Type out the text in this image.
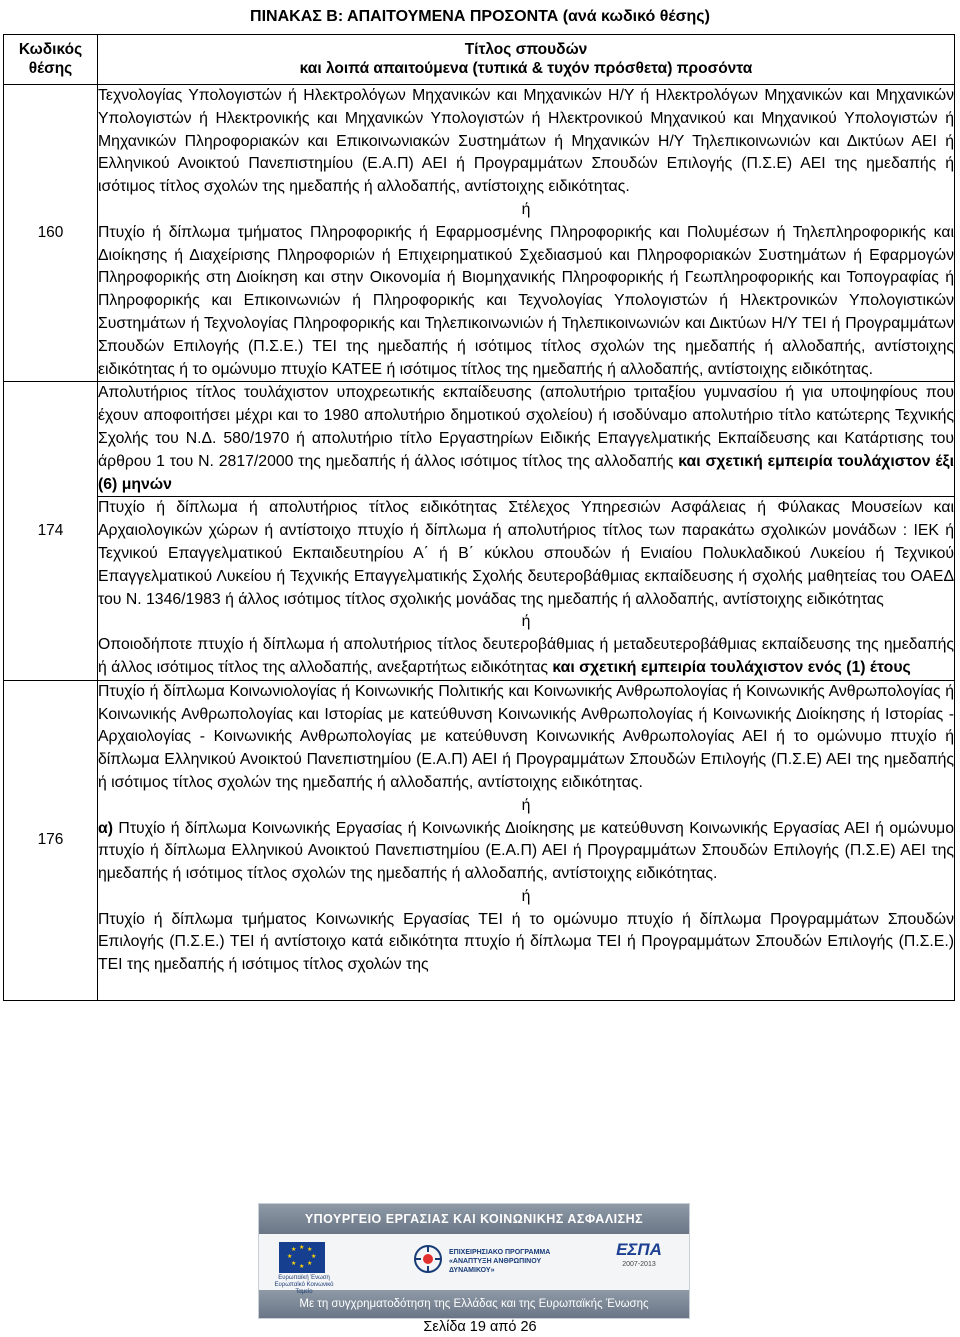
ΠΙΝΑΚΑΣ Β: ΑΠΑΙΤΟΥΜΕΝΑ ΠΡΟΣΟΝΤΑ (ανά κωδικό θέσης)
Κωδικός θέσης	Τίτλος σπουδών
και λοιπά απαιτούμενα (τυπικά & τυχόν πρόσθετα) προσόντα

160	Τεχνολογίας Υπολογιστών ή Ηλεκτρολόγων Μηχανικών και Μηχανικών Η/Υ ή Ηλεκτρολόγων Μηχανικών και Μηχανικών Υπολογιστών ή Ηλεκτρονικής και Μηχανικών Υπολογιστών ή Ηλεκτρονικού Μηχανικού και Μηχανικού Υπολογιστών ή Μηχανικών Πληροφοριακών και Επικοινωνιακών Συστημάτων ή Μηχανικών Η/Υ Τηλεπικοινωνιών και Δικτύων ΑΕΙ ή Ελληνικού Ανοικτού Πανεπιστημίου (Ε.Α.Π) ΑΕΙ ή Προγραμμάτων Σπουδών Επιλογής (Π.Σ.Ε) ΑΕΙ της ημεδαπής ή ισότιμος τίτλος σχολών της ημεδαπής ή αλλοδαπής, αντίστοιχης ειδικότητας.

ή

Πτυχίο ή δίπλωμα τμήματος Πληροφορικής ή Εφαρμοσμένης Πληροφορικής και Πολυμέσων ή Τηλεπληροφορικής και Διοίκησης ή Διαχείρισης Πληροφοριών ή Επιχειρηματικού Σχεδιασμού και Πληροφοριακών Συστημάτων ή Εφαρμογών Πληροφορικής στη Διοίκηση και στην Οικονομία ή Βιομηχανικής Πληροφορικής ή Γεωπληροφορικής και Τοπογραφίας ή Πληροφορικής και Επικοινωνιών ή Πληροφορικής και Τεχνολογίας Υπολογιστών ή Ηλεκτρονικών Υπολογιστικών Συστημάτων ή Τεχνολογίας Πληροφορικής και Τηλεπικοινωνιών ή Τηλεπικοινωνιών και Δικτύων Η/Υ ΤΕΙ ή Προγραμμάτων Σπουδών Επιλογής (Π.Σ.Ε.) ΤΕΙ της ημεδαπής ή ισότιμος τίτλος σχολών της ημεδαπής ή αλλοδαπής, αντίστοιχης ειδικότητας ή το ομώνυμο πτυχίο ΚΑΤΕΕ ή ισότιμος τίτλος της ημεδαπής ή αλλοδαπής, αντίστοιχης ειδικότητας.

174	Απολυτήριος τίτλος τουλάχιστον υποχρεωτικής εκπαίδευσης (απολυτήριο τριταξίου γυμνασίου ή για υποψηφίους που έχουν αποφοιτήσει μέχρι και το 1980 απολυτήριο δημοτικού σχολείου) ή ισοδύναμο απολυτήριο τίτλο κατώτερης Τεχνικής Σχολής του Ν.Δ. 580/1970 ή απολυτήριο τίτλο Εργαστηρίων Ειδικής Επαγγελματικής Εκπαίδευσης και Κατάρτισης του άρθρου 1 του Ν. 2817/2000 της ημεδαπής ή άλλος ισότιμος τίτλος της αλλοδαπής και σχετική εμπειρία τουλάχιστον έξι (6) μηνών

	Πτυχίο ή δίπλωμα ή απολυτήριος τίτλος ειδικότητας Στέλεχος Υπηρεσιών Ασφάλειας ή Φύλακας Μουσείων και Αρχαιολογικών χώρων ή αντίστοιχο πτυχίο ή δίπλωμα ή απολυτήριος τίτλος των παρακάτω σχολικών μονάδων : ΙΕΚ ή Τεχνικού Επαγγελματικού Εκπαιδευτηρίου Α΄ ή Β΄ κύκλου σπουδών ή Ενιαίου Πολυκλαδικού Λυκείου ή Τεχνικού Επαγγελματικού Λυκείου ή Τεχνικής Επαγγελματικής Σχολής δευτεροβάθμιας εκπαίδευσης ή σχολής μαθητείας του ΟΑΕΔ του Ν. 1346/1983 ή άλλος ισότιμος τίτλος σχολικής μονάδας της ημεδαπής ή αλλοδαπής, αντίστοιχης ειδικότητας

ή

Οποιοδήποτε πτυχίο ή δίπλωμα ή απολυτήριος τίτλος δευτεροβάθμιας ή μεταδευτεροβάθμιας εκπαίδευσης της ημεδαπής ή άλλος ισότιμος τίτλος της αλλοδαπής, ανεξαρτήτως ειδικότητας και σχετική εμπειρία τουλάχιστον ενός (1) έτους

176	Πτυχίο ή δίπλωμα Κοινωνιολογίας ή Κοινωνικής Πολιτικής και Κοινωνικής Ανθρωπολογίας ή Κοινωνικής Ανθρωπολογίας ή Κοινωνικής Ανθρωπολογίας και Ιστορίας με κατεύθυνση Κοινωνικής Ανθρωπολογίας ή Κοινωνικής Διοίκησης ή Ιστορίας - Αρχαιολογίας - Κοινωνικής Ανθρωπολογίας με κατεύθυνση Κοινωνικής Ανθρωπολογίας ΑΕΙ ή το ομώνυμο πτυχίο ή δίπλωμα Ελληνικού Ανοικτού Πανεπιστημίου (Ε.Α.Π) ΑΕΙ ή Προγραμμάτων Σπουδών Επιλογής (Π.Σ.Ε) ΑΕΙ της ημεδαπής ή ισότιμος τίτλος σχολών της ημεδαπής ή αλλοδαπής, αντίστοιχης ειδικότητας.

ή

α) Πτυχίο ή δίπλωμα Κοινωνικής Εργασίας ή Κοινωνικής Διοίκησης με κατεύθυνση Κοινωνικής Εργασίας ΑΕΙ ή ομώνυμο πτυχίο ή δίπλωμα Ελληνικού Ανοικτού Πανεπιστημίου (Ε.Α.Π) ΑΕΙ ή Προγραμμάτων Σπουδών Επιλογής (Π.Σ.Ε) ΑΕΙ της ημεδαπής ή ισότιμος τίτλος σχολών της ημεδαπής ή αλλοδαπής, αντίστοιχης ειδικότητας.

ή

Πτυχίο ή δίπλωμα τμήματος Κοινωνικής Εργασίας ΤΕΙ ή το ομώνυμο πτυχίο ή δίπλωμα Προγραμμάτων Σπουδών Επιλογής (Π.Σ.Ε.) ΤΕΙ ή αντίστοιχο κατά ειδικότητα πτυχίο ή δίπλωμα ΤΕΙ ή Προγραμμάτων Σπουδών Επιλογής (Π.Σ.Ε.) ΤΕΙ της ημεδαπής ή ισότιμος τίτλος σχολών της

ΥΠΟΥΡΓΕΙΟ ΕΡΓΑΣΙΑΣ ΚΑΙ ΚΟΙΝΩΝΙΚΗΣ ΑΣΦΑΛΙΣΗΣ
★ ★
★
★
★
★
★
★
Ευρωπαϊκή Ένωση Ευρωπαϊκό Κοινωνικό Ταμείο
ΕΠΙΧΕΙΡΗΣΙΑΚΟ ΠΡΟΓΡΑΜΜΑ
«ΑΝΑΠΤΥΞΗ ΑΝΘΡΩΠΙΝΟΥ ΔΥΝΑΜΙΚΟΥ»
ΕΣΠΑ
2007-2013
Με τη συγχρηματοδότηση της Ελλάδας και της Ευρωπαϊκής Ένωσης
Σελίδα 19 από 26
